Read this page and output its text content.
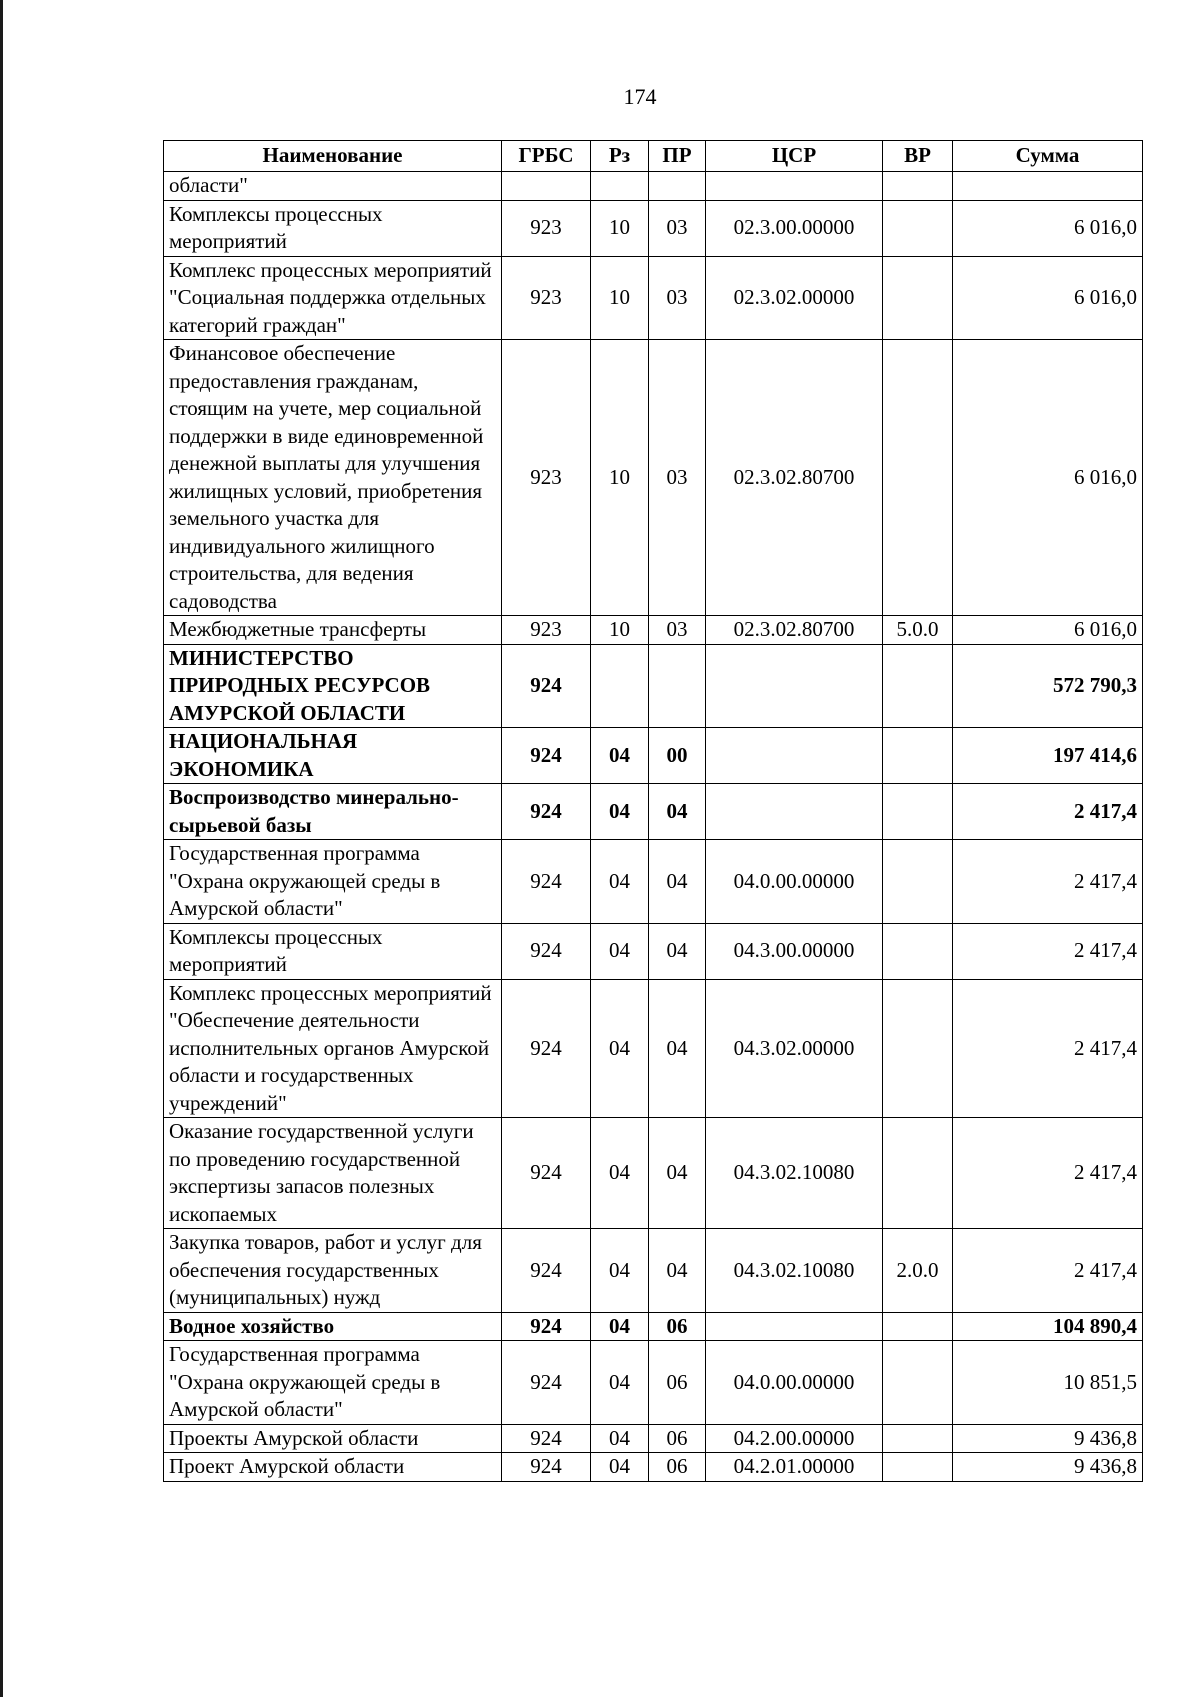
174
Наименование	ГРБС	Рз	ПР	ЦСР	ВР	Сумма
области"						
Комплексы процессных мероприятий	923	10	03	02.3.00.00000		6 016,0
Комплекс процессных мероприятий "Социальная поддержка отдельных категорий граждан"	923	10	03	02.3.02.00000		6 016,0
Финансовое обеспечение предоставления гражданам, стоящим на учете, мер социальной поддержки в виде единовременной денежной выплаты для улучшения жилищных условий, приобретения земельного участка для индивидуального жилищного строительства, для ведения садоводства	923	10	03	02.3.02.80700		6 016,0
Межбюджетные трансферты	923	10	03	02.3.02.80700	5.0.0	6 016,0
МИНИСТЕРСТВО ПРИРОДНЫХ РЕСУРСОВ АМУРСКОЙ ОБЛАСТИ	924					572 790,3
НАЦИОНАЛЬНАЯ ЭКОНОМИКА	924	04	00			197 414,6
Воспроизводство минерально-сырьевой базы	924	04	04			2 417,4
Государственная программа "Охрана окружающей среды в Амурской области"	924	04	04	04.0.00.00000		2 417,4
Комплексы процессных мероприятий	924	04	04	04.3.00.00000		2 417,4
Комплекс процессных мероприятий "Обеспечение деятельности исполнительных органов Амурской области и государственных учреждений"	924	04	04	04.3.02.00000		2 417,4
Оказание государственной услуги по проведению государственной экспертизы запасов полезных ископаемых	924	04	04	04.3.02.10080		2 417,4
Закупка товаров, работ и услуг для обеспечения государственных (муниципальных) нужд	924	04	04	04.3.02.10080	2.0.0	2 417,4
Водное хозяйство	924	04	06			104 890,4
Государственная программа "Охрана окружающей среды в Амурской области"	924	04	06	04.0.00.00000		10 851,5
Проекты Амурской области	924	04	06	04.2.00.00000		9 436,8
Проект Амурской области	924	04	06	04.2.01.00000		9 436,8
